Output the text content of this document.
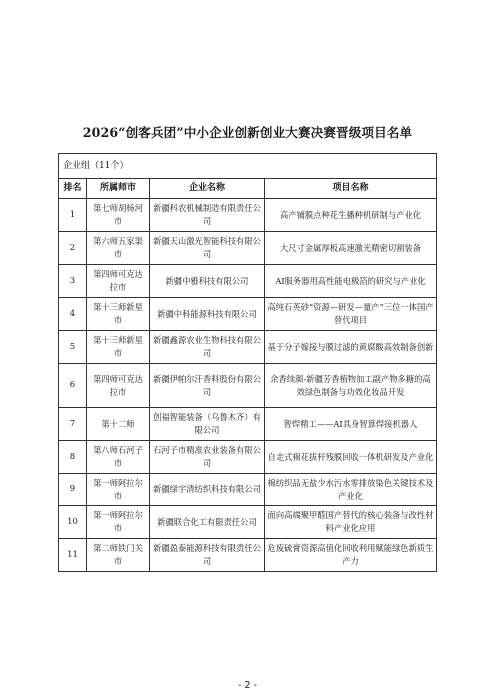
2026“创客兵团”中小企业创新创业大赛决赛晋级项目名单
企业组（11个）			
排名	所属师市	企业名称	项目名称
1	第七师胡杨河市	新疆科农机械制造有限责任公司	高产铺膜点种花生播种机研制与产业化
2	第六师五家渠市	新疆天山激光智能科技有限公司	大尺寸金属厚板高速激光精密切割装备
3	第四师可克达拉市	新疆中雅科技有限公司	AI服务器用高性能电极箔的研究与产业化
4	第十三师新星市	新疆中科能源科技有限公司	高纯石英砂“资源—研发—量产”三位一体国产替代项目
5	第十三师新星市	新疆鑫源农业生物科技有限公司	基于分子嫁接与膜过滤的黄腐酸高效制备创新
6	第四师可克达拉市	新疆伊帕尔汗香料股份有限公司	余香续颜-新疆芳香植物加工副产物多糖的高效绿色制备与功效化妆品开发
7	第十二师	创福智能装备（乌鲁木齐）有限公司	智焊精工——AI具身智算焊接机器人
8	第八师石河子市	石河子市精准农业装备有限公司	自走式棉花拔杆残膜回收一体机研发及产业化
9	第一师阿拉尔市	新疆绿宇清纺织科技有限公司	棉纺织品无盐少水污水零排放染色关键技术及产业化
10	第一师阿拉尔市	新疆联合化工有限责任公司	面向高端聚甲醛国产替代的核心装备与改性材料产业化应用
11	第二师铁门关市	新疆盈泰能源科技有限责任公司	危废硫膏资源高值化回收利用赋能绿色新质生产力
- 2 -
